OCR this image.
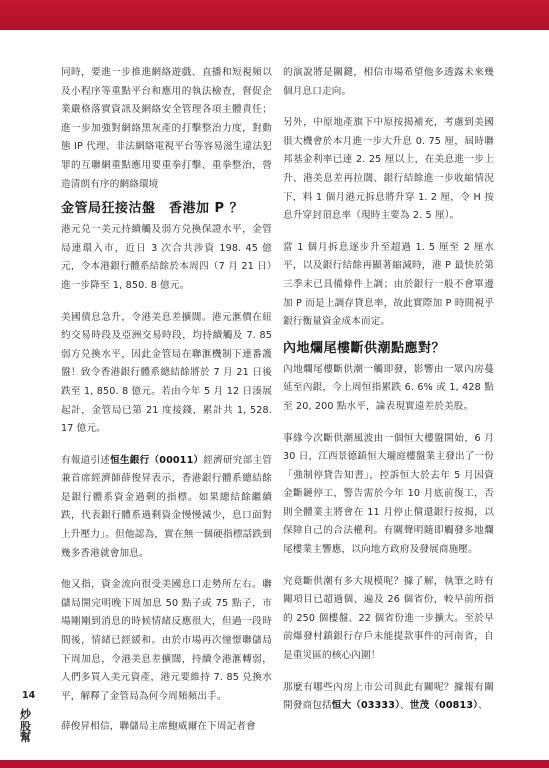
同時，要進一步推進網絡遊戲、直播和短視頻以及小程序等重點平台和應用的執法檢查，督促企業嚴格落實資訊及網絡安全管理各項主體責任；進一步加強對網絡黑灰產的打擊整治力度，對動態 IP 代理、非法網絡電視平台等容易滋生違法犯罪的互聯網重點應用要重拳打擊、重拳整治，營造清朗有序的網絡環境

金管局狂接沽盤　香港加 P ？

港元兑一美元持續觸及弱方兑換保證水平，金管局連環入市，近日 3 次合共涉資 198. 45 億元，令本港銀行體系結餘於本周四（7 月 21 日）進一步降至 1, 850. 8 億元。

美國債息急升，令港美息差擴闊。港元滙價在紐約交易時段及亞洲交易時段，均持續觸及 7. 85 弱方兑換水平，因此金管局在聯滙機制下連番護盤！致令香港銀行體系總結餘將於 7 月 21 日後跌至 1, 850. 8 億元。若由今年 5 月 12 日湊展起計，金管局已第 21 度接錢，累計共 1, 528. 17 億元。

有報道引述恒生銀行（00011）經濟研究部主管兼首席經濟師薛俊昇表示，香港銀行體系總結餘是銀行體系資金過剩的指標。如果總結餘繼續跌，代表銀行體系過剩資金慢慢減少，息口面對上升壓力」。但他認為，實在無一個硬指標話跌到幾多香港就會加息。

他又指，資金流向很受美國息口走勢所左右。聯儲局開完明晚下周加息 50 點子或 75 點子，市場剛剛到消息的時候情緒反應很大，但過一段時間後，情緒已經緩和。由於市場再次憧憬聯儲局下周加息，令港美息差擴闊，持續令港滙轉弱，人們多買入美元資產，港元要維持 7. 85 兑換水平，解釋了金管局為何今周頻頻出手。

薛俊昇相信，聯儲局主席鮑威爾在下周記者會

的演說將是關鍵，相信市場希望他多透露未來幾個月息口走向。

另外，中原地產旗下中原按揭補充，考慮到美國很大機會於本月進一步大升息 0. 75 厘，屆時聯邦基金利率已達 2. 25 厘以上，在美息進一步上升、港美息差再拉闊、銀行結餘進一步收縮情況下，料 1 個月港元拆息將升穿 1. 2 厘，令 H 按息升穿封頂息率（現時主要為 2. 5 厘）。

當 1 個月拆息逐步升至超過 1. 5 厘至 2 厘水平，以及銀行結餘再顯著縮減時，港 P 最快於第三季末已具備條件上調；由於銀行一般不會單邊加 P 而是上調存貸息率，故此實際加 P 時間視乎銀行衡量資金成本而定。

內地爛尾樓斷供潮點應對？

內地爛尾樓斷供潮一觸即發，影響由一眾內房蔓延至內銀，今上周恒指累跌 6. 6% 或 1, 428 點至 20, 200 點水平，論表現實遠差於美股。

事緣今次斷供潮風波由一個恒大樓盤開始，6 月 30 日，江西景德鎮恒大瓏庭樓盤業主發出了一份「強制停貸告知書」，控訴恒大於去年 5 月因資金斷鏈停工，警告需於今年 10 月底前復工，否則全體業主將會在 11 月停止償還銀行按揭，以保障自己的合法權利。有關聲明隨即觸發多地爛尾樓業主響應，以向地方政府及發展商施壓。

究竟斷供潮有多大規模呢？據了解，執筆之時有關項目已超過個、遍及 26 個省份，較早前所指的 250 個樓盤、22 個省份進一步擴大。至於早前爆發村鎮銀行存戶未能提款事件的河南省，自是重災區的核心內圍！

那麼有哪些內房上市公司與此有關呢？據報有關開發商包括恒大（03333）、世茂（00813）、

14
炒股幫
